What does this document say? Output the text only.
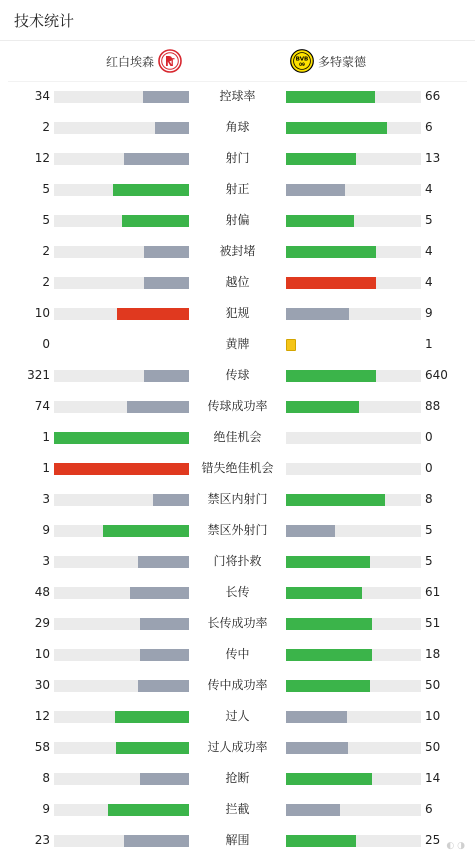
技术统计
红白埃森	BVB
09 多特蒙德
34	控球率	66
2	角球	6
12	射门	13
5	射正	4
5	射偏	5
2	被封堵	4
2	越位	4
10	犯规	9
0	黄牌	1
321	传球	640
74	传球成功率	88
1	绝佳机会	0
1	错失绝佳机会	0
3	禁区内射门	8
9	禁区外射门	5
3	门将扑救	5
48	长传	61
29	长传成功率	51
10	传中	18
30	传中成功率	50
12	过人	10
58	过人成功率	50
8	抢断	14
9	拦截	6
23	解围	25 ◐ ◑
